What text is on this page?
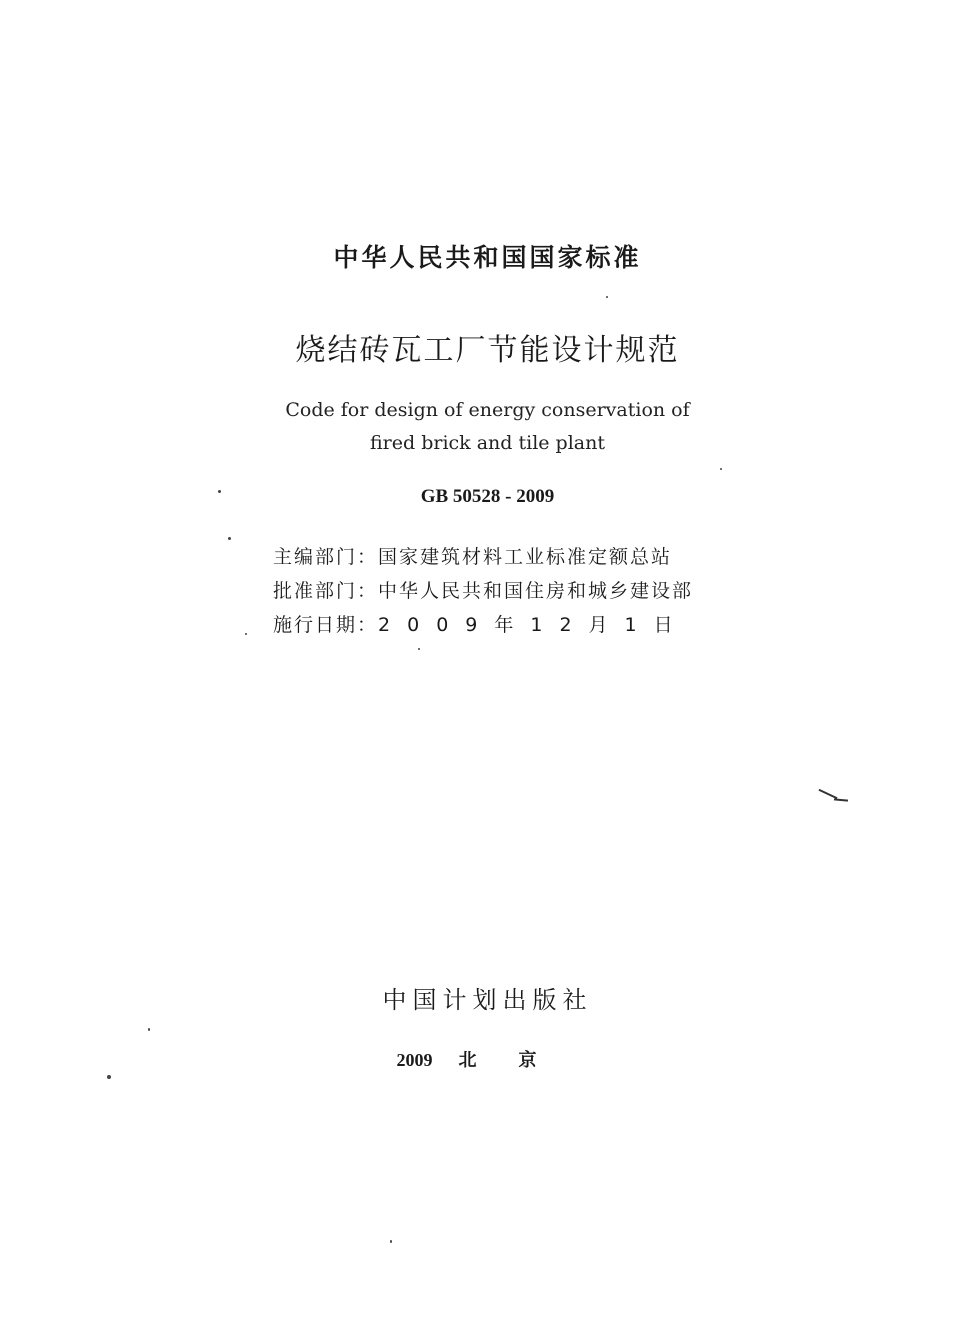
中华人民共和国国家标准
烧结砖瓦工厂节能设计规范
Code for design of energy conservation of
fired brick and tile plant
GB 50528 - 2009
主编部门：国家建筑材料工业标准定额总站
批准部门：中华人民共和国住房和城乡建设部
施行日期：2009年12月1日
中国计划出版社
2009 北京
